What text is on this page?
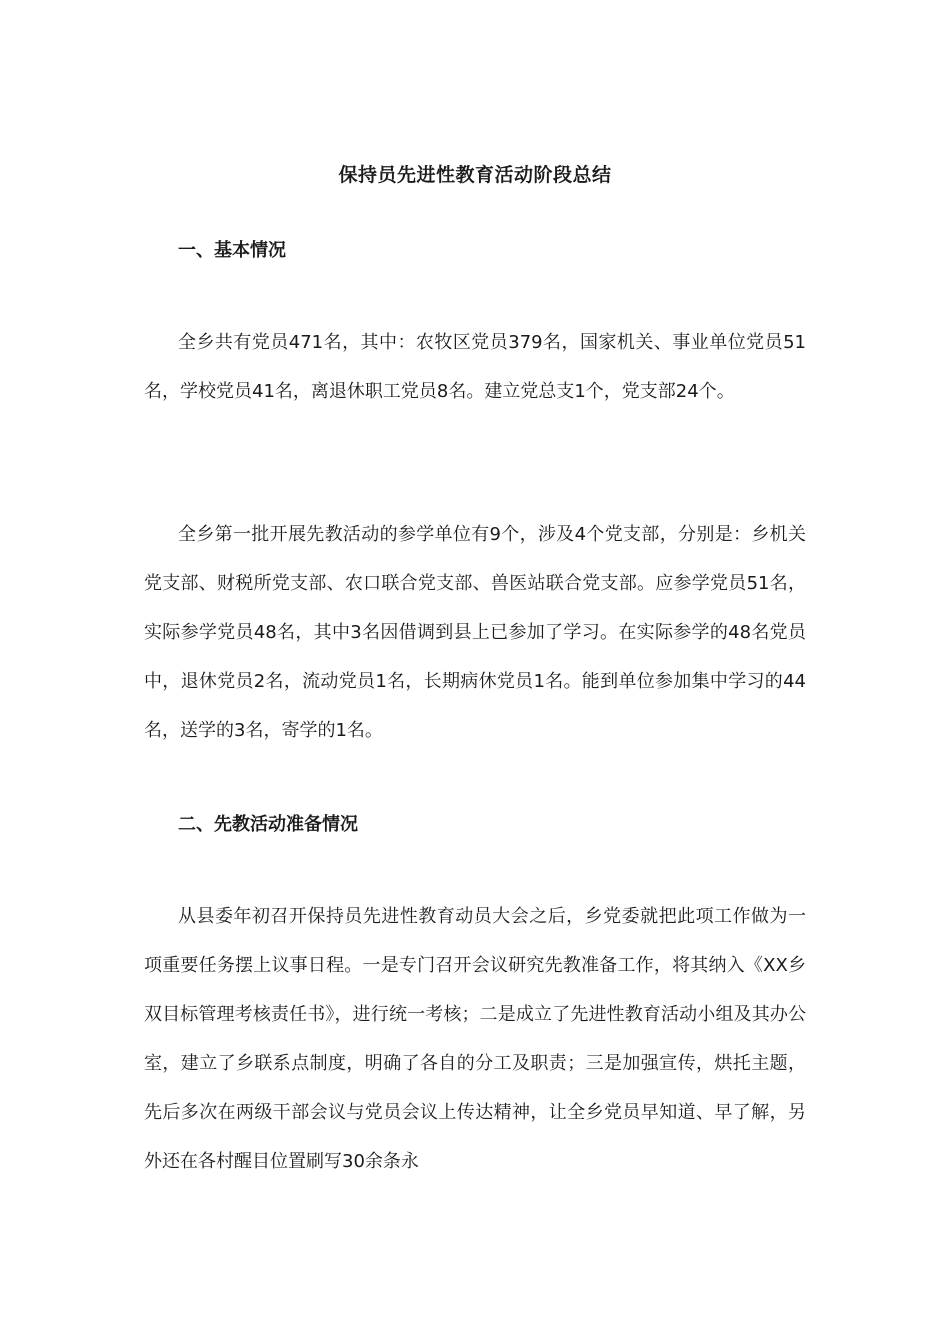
保持员先进性教育活动阶段总结
一、基本情况

全乡共有党员471名，其中：农牧区党员379名，国家机关、事业单位党员51名，学校党员41名，离退休职工党员8名。建立党总支1个，党支部24个。

全乡第一批开展先教活动的参学单位有9个，涉及4个党支部，分别是：乡机关党支部、财税所党支部、农口联合党支部、兽医站联合党支部。应参学党员51名，实际参学党员48名，其中3名因借调到县上已参加了学习。在实际参学的48名党员中，退休党员2名，流动党员1名，长期病休党员1名。能到单位参加集中学习的44名，送学的3名，寄学的1名。

二、先教活动准备情况

从县委年初召开保持员先进性教育动员大会之后，乡党委就把此项工作做为一项重要任务摆上议事日程。一是专门召开会议研究先教准备工作，将其纳入《XX乡双目标管理考核责任书》，进行统一考核；二是成立了先进性教育活动小组及其办公室，建立了乡联系点制度，明确了各自的分工及职责；三是加强宣传，烘托主题，先后多次在两级干部会议与党员会议上传达精神，让全乡党员早知道、早了解，另外还在各村醒目位置刷写30余条永
